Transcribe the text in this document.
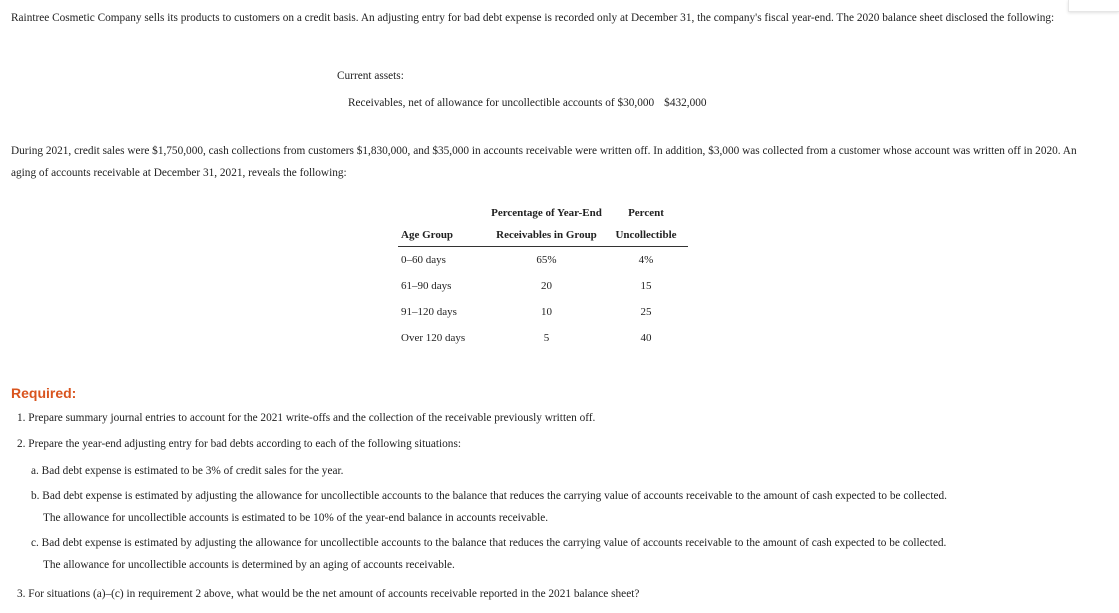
Raintree Cosmetic Company sells its products to customers on a credit basis. An adjusting entry for bad debt expense is recorded only at December 31, the company's fiscal year-end. The 2020 balance sheet disclosed the following:

Current assets:
Receivables, net of allowance for uncollectible accounts of $30,000 $432,000

During 2021, credit sales were $1,750,000, cash collections from customers $1,830,000, and $35,000 in accounts receivable were written off. In addition, $3,000 was collected from a customer whose account was written off in 2020. An aging of accounts receivable at December 31, 2021, reveals the following:

	Percentage of Year-End	Percent
Age Group	Receivables in Group	Uncollectible
0–60 days	65%	4%
61–90 days	20	15
91–120 days	10	25
Over 120 days	5	40
Required:

1. Prepare summary journal entries to account for the 2021 write-offs and the collection of the receivable previously written off.

2. Prepare the year-end adjusting entry for bad debts according to each of the following situations:

a. Bad debt expense is estimated to be 3% of credit sales for the year.

b. Bad debt expense is estimated by adjusting the allowance for uncollectible accounts to the balance that reduces the carrying value of accounts receivable to the amount of cash expected to be collected.
The allowance for uncollectible accounts is estimated to be 10% of the year-end balance in accounts receivable.

c. Bad debt expense is estimated by adjusting the allowance for uncollectible accounts to the balance that reduces the carrying value of accounts receivable to the amount of cash expected to be collected.
The allowance for uncollectible accounts is determined by an aging of accounts receivable.

3. For situations (a)–(c) in requirement 2 above, what would be the net amount of accounts receivable reported in the 2021 balance sheet?
